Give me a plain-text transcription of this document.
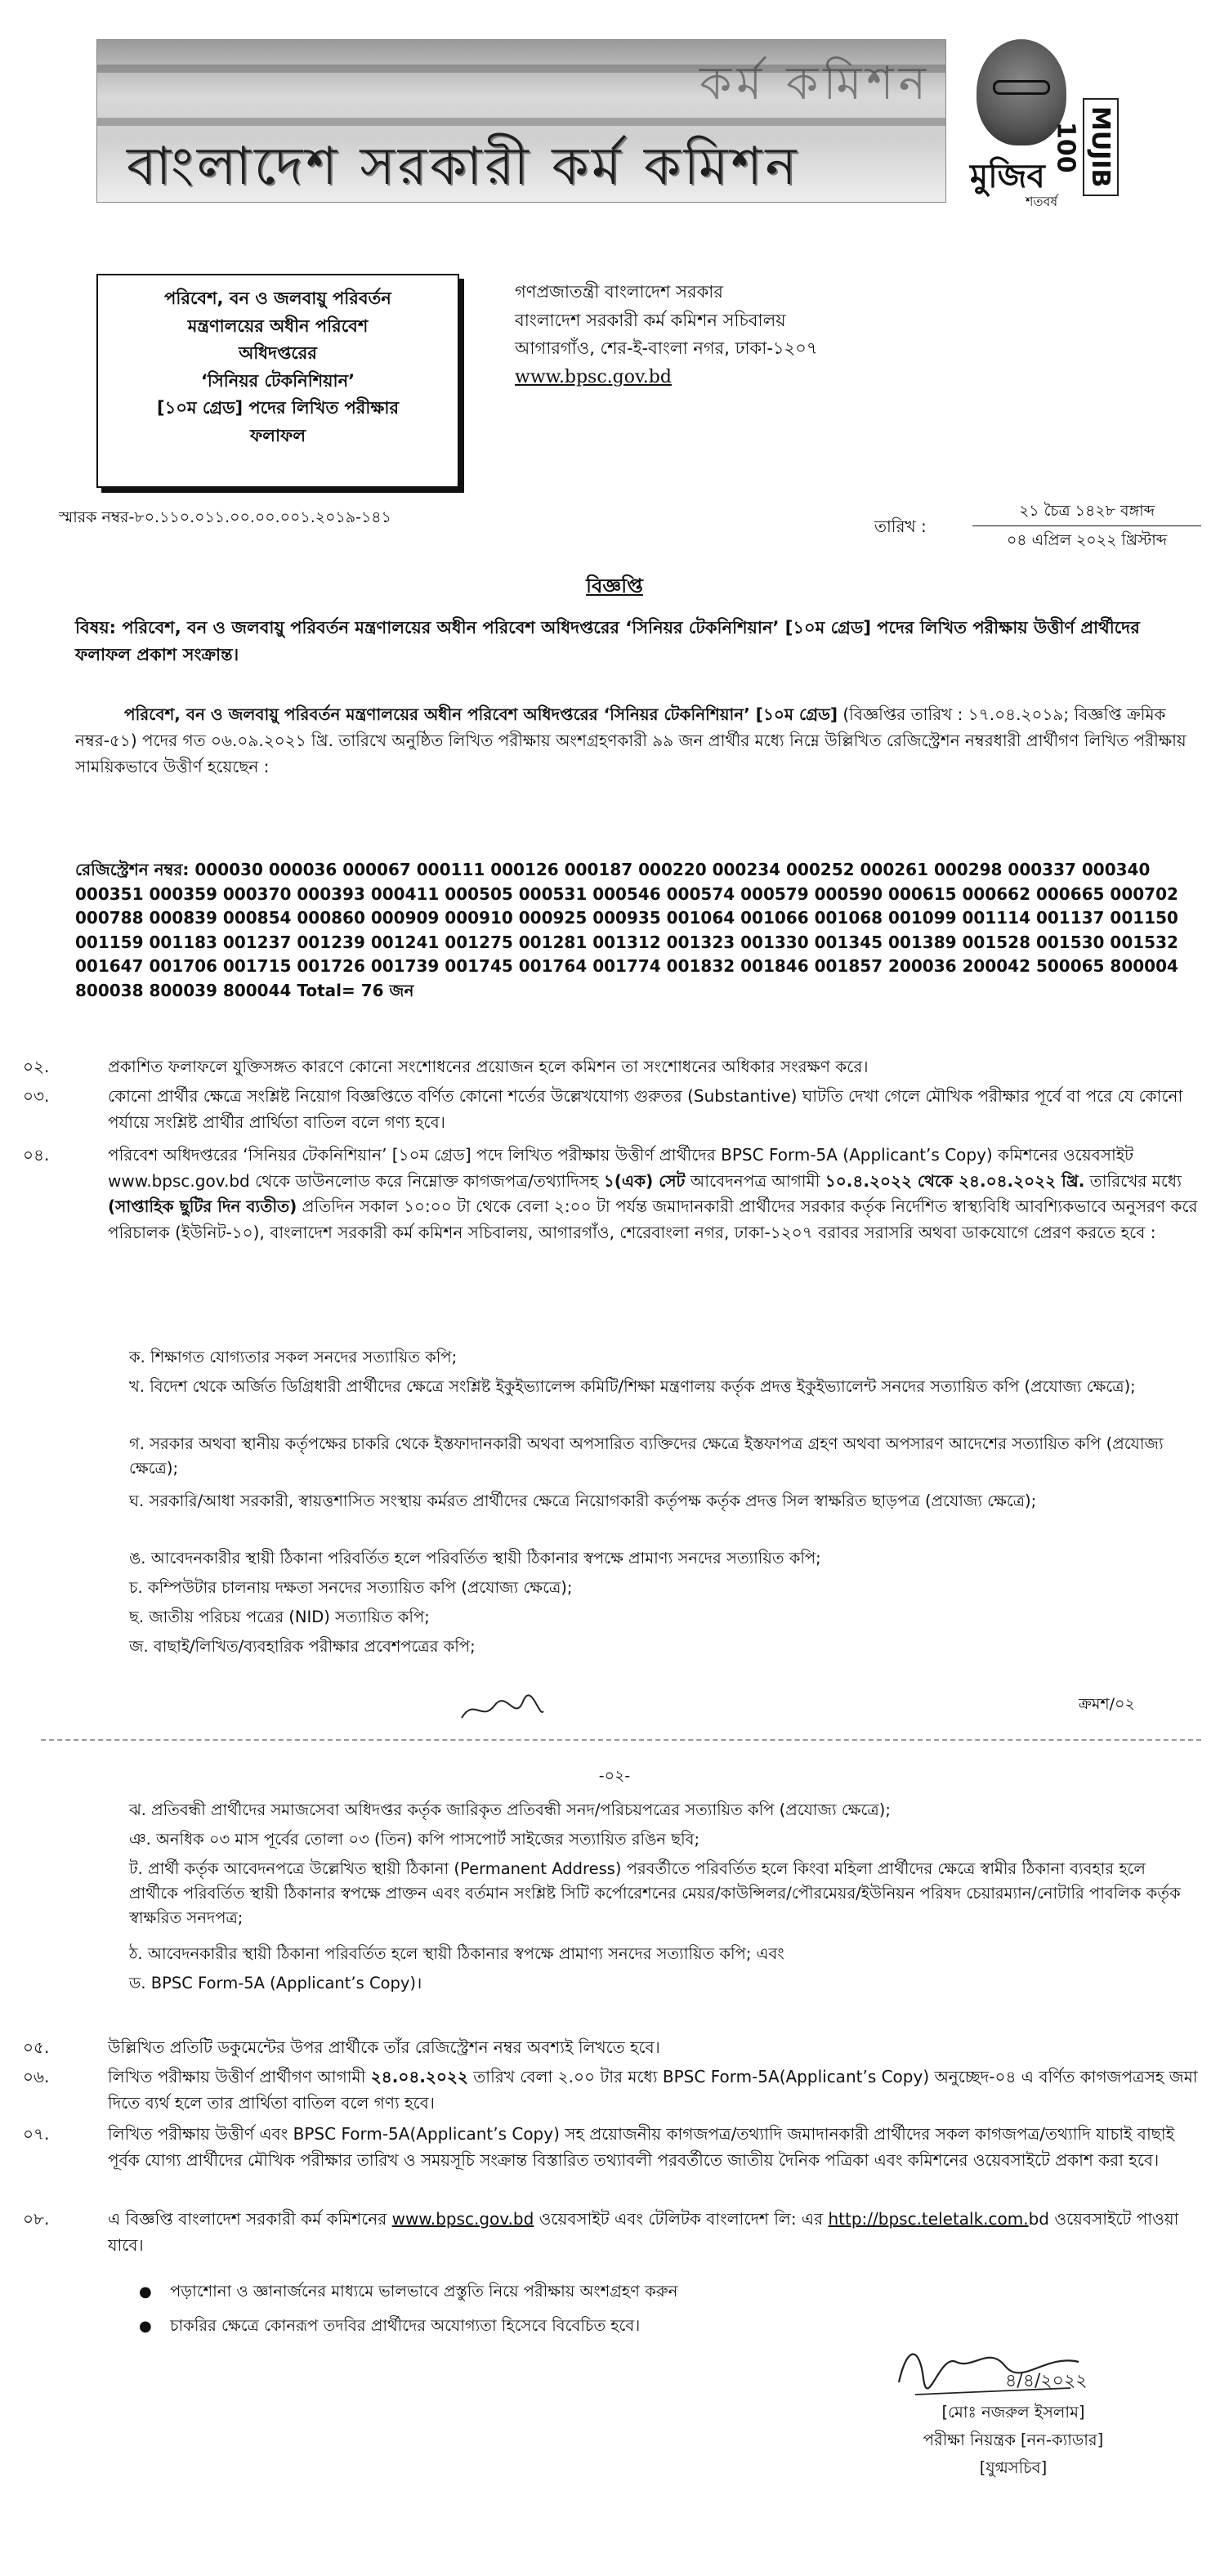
কর্ম কমিশন
বাংলাদেশ সরকারী কর্ম কমিশন	MUJIB 100
মুজিব
শতবর্ষ
পরিবেশ, বন ও জলবায়ু পরিবর্তন
মন্ত্রণালয়ের অধীন পরিবেশ
অধিদপ্তরের
‘সিনিয়র টেকনিশিয়ান’
[১০ম গ্রেড] পদের লিখিত পরীক্ষার
ফলাফল
গণপ্রজাতন্ত্রী বাংলাদেশ সরকার
বাংলাদেশ সরকারী কর্ম কমিশন সচিবালয়
আগারগাঁও, শের-ই-বাংলা নগর, ঢাকা-১২০৭
www.bpsc.gov.bd
স্মারক নম্বর-৮০.১১০.০১১.০০.০০.০০১.২০১৯-১৪১	তারিখ :
২১ চৈত্র ১৪২৮ বঙ্গাব্দ
০৪ এপ্রিল ২০২২ খ্রিস্টাব্দ
বিজ্ঞপ্তি
বিষয়: পরিবেশ, বন ও জলবায়ু পরিবর্তন মন্ত্রণালয়ের অধীন পরিবেশ অধিদপ্তরের ‘সিনিয়র টেকনিশিয়ান’ [১০ম গ্রেড] পদের লিখিত পরীক্ষায় উত্তীর্ণ প্রার্থীদের ফলাফল প্রকাশ সংক্রান্ত।
পরিবেশ, বন ও জলবায়ু পরিবর্তন মন্ত্রণালয়ের অধীন পরিবেশ অধিদপ্তরের ‘সিনিয়র টেকনিশিয়ান’ [১০ম গ্রেড] (বিজ্ঞপ্তির তারিখ : ১৭.০৪.২০১৯; বিজ্ঞপ্তি ক্রমিক নম্বর-৫১) পদের গত ০৬.০৯.২০২১ খ্রি. তারিখে অনুষ্ঠিত লিখিত পরীক্ষায় অংশগ্রহণকারী ৯৯ জন প্রার্থীর মধ্যে নিম্নে উল্লিখিত রেজিস্ট্রেশন নম্বরধারী প্রার্থীগণ লিখিত পরীক্ষায় সাময়িকভাবে উত্তীর্ণ হয়েছেন :
রেজিস্ট্রেশন নম্বর: 000030 000036 000067 000111 000126 000187 000220 000234 000252 000261 000298 000337 000340 000351 000359 000370 000393 000411 000505 000531 000546 000574 000579 000590 000615 000662 000665 000702 000788 000839 000854 000860 000909 000910 000925 000935 001064 001066 001068 001099 001114 001137 001150 001159 001183 001237 001239 001241 001275 001281 001312 001323 001330 001345 001389 001528 001530 001532 001647 001706 001715 001726 001739 001745 001764 001774 001832 001846 001857 200036 200042 500065 800004 800038 800039 800044 Total= 76 জন
০২.	প্রকাশিত ফলাফলে যুক্তিসঙ্গত কারণে কোনো সংশোধনের প্রয়োজন হলে কমিশন তা সংশোধনের অধিকার সংরক্ষণ করে।
০৩.	কোনো প্রার্থীর ক্ষেত্রে সংশ্লিষ্ট নিয়োগ বিজ্ঞপ্তিতে বর্ণিত কোনো শর্তের উল্লেখযোগ্য গুরুতর (Substantive) ঘাটতি দেখা গেলে মৌখিক পরীক্ষার পূর্বে বা পরে যে কোনো পর্যায়ে সংশ্লিষ্ট প্রার্থীর প্রার্থিতা বাতিল বলে গণ্য হবে।
০৪.	পরিবেশ অধিদপ্তরের ‘সিনিয়র টেকনিশিয়ান’ [১০ম গ্রেড] পদে লিখিত পরীক্ষায় উত্তীর্ণ প্রার্থীদের BPSC Form-5A (Applicant’s Copy) কমিশনের ওয়েবসাইট www.bpsc.gov.bd থেকে ডাউনলোড করে নিম্নোক্ত কাগজপত্র/তথ্যাদিসহ ১(এক) সেট আবেদনপত্র আগামী ১০.৪.২০২২ থেকে ২৪.০৪.২০২২ খ্রি. তারিখের মধ্যে (সাপ্তাহিক ছুটির দিন ব্যতীত) প্রতিদিন সকাল ১০:০০ টা থেকে বেলা ২:০০ টা পর্যন্ত জমাদানকারী প্রার্থীদের সরকার কর্তৃক নির্দেশিত স্বাস্থ্যবিধি আবশ্যিকভাবে অনুসরণ করে পরিচালক (ইউনিট-১০), বাংলাদেশ সরকারী কর্ম কমিশন সচিবালয়, আগারগাঁও, শেরেবাংলা নগর, ঢাকা-১২০৭ বরাবর সরাসরি অথবা ডাকযোগে প্রেরণ করতে হবে :
ক. শিক্ষাগত যোগ্যতার সকল সনদের সত্যায়িত কপি;
খ. বিদেশ থেকে অর্জিত ডিগ্রিধারী প্রার্থীদের ক্ষেত্রে সংশ্লিষ্ট ইকুইভ্যালেন্স কমিটি/শিক্ষা মন্ত্রণালয় কর্তৃক প্রদত্ত ইকুইভ্যালেন্ট সনদের সত্যায়িত কপি (প্রযোজ্য ক্ষেত্রে);
গ. সরকার অথবা স্থানীয় কর্তৃপক্ষের চাকরি থেকে ইস্তফাদানকারী অথবা অপসারিত ব্যক্তিদের ক্ষেত্রে ইস্তফাপত্র গ্রহণ অথবা অপসারণ আদেশের সত্যায়িত কপি (প্রযোজ্য ক্ষেত্রে);
ঘ. সরকারি/আধা সরকারী, স্বায়ত্তশাসিত সংস্থায় কর্মরত প্রার্থীদের ক্ষেত্রে নিয়োগকারী কর্তৃপক্ষ কর্তৃক প্রদত্ত সিল স্বাক্ষরিত ছাড়পত্র (প্রযোজ্য ক্ষেত্রে);
ঙ. আবেদনকারীর স্থায়ী ঠিকানা পরিবর্তিত হলে পরিবর্তিত স্থায়ী ঠিকানার স্বপক্ষে প্রামাণ্য সনদের সত্যায়িত কপি;
চ. কম্পিউটার চালনায় দক্ষতা সনদের সত্যায়িত কপি (প্রযোজ্য ক্ষেত্রে);
ছ. জাতীয় পরিচয় পত্রের (NID) সত্যায়িত কপি;
জ. বাছাই/লিখিত/ব্যবহারিক পরীক্ষার প্রবেশপত্রের কপি;
ক্রমশ/০২
-০২-
ঝ. প্রতিবন্ধী প্রার্থীদের সমাজসেবা অধিদপ্তর কর্তৃক জারিকৃত প্রতিবন্ধী সনদ/পরিচয়পত্রের সত্যায়িত কপি (প্রযোজ্য ক্ষেত্রে);
ঞ. অনধিক ০৩ মাস পূর্বের তোলা ০৩ (তিন) কপি পাসপোর্ট সাইজের সত্যায়িত রঙিন ছবি;
ট. প্রার্থী কর্তৃক আবেদনপত্রে উল্লেখিত স্থায়ী ঠিকানা (Permanent Address) পরবর্তীতে পরিবর্তিত হলে কিংবা মহিলা প্রার্থীদের ক্ষেত্রে স্বামীর ঠিকানা ব্যবহার হলে প্রার্থীকে পরিবর্তিত স্থায়ী ঠিকানার স্বপক্ষে প্রাক্তন এবং বর্তমান সংশ্লিষ্ট সিটি কর্পোরেশনের মেয়র/কাউন্সিলর/পৌরমেয়র/ইউনিয়ন পরিষদ চেয়ারম্যান/নোটারি পাবলিক কর্তৃক স্বাক্ষরিত সনদপত্র;
ঠ. আবেদনকারীর স্থায়ী ঠিকানা পরিবর্তিত হলে স্থায়ী ঠিকানার স্বপক্ষে প্রামাণ্য সনদের সত্যায়িত কপি; এবং
ড. BPSC Form-5A (Applicant’s Copy)।
০৫.	উল্লিখিত প্রতিটি ডকুমেন্টের উপর প্রার্থীকে তাঁর রেজিস্ট্রেশন নম্বর অবশ্যই লিখতে হবে।
০৬.	লিখিত পরীক্ষায় উত্তীর্ণ প্রার্থীগণ আগামী ২৪.০৪.২০২২ তারিখ বেলা ২.০০ টার মধ্যে BPSC Form-5A(Applicant’s Copy) অনুচ্ছেদ-০৪ এ বর্ণিত কাগজপত্রসহ জমা দিতে ব্যর্থ হলে তার প্রার্থিতা বাতিল বলে গণ্য হবে।
০৭.	লিখিত পরীক্ষায় উত্তীর্ণ এবং BPSC Form-5A(Applicant’s Copy) সহ প্রয়োজনীয় কাগজপত্র/তথ্যাদি জমাদানকারী প্রার্থীদের সকল কাগজপত্র/তথ্যাদি যাচাই বাছাই পূর্বক যোগ্য প্রার্থীদের মৌখিক পরীক্ষার তারিখ ও সময়সূচি সংক্রান্ত বিস্তারিত তথ্যাবলী পরবর্তীতে জাতীয় দৈনিক পত্রিকা এবং কমিশনের ওয়েবসাইটে প্রকাশ করা হবে।
০৮.	এ বিজ্ঞপ্তি বাংলাদেশ সরকারী কর্ম কমিশনের www.bpsc.gov.bd ওয়েবসাইট এবং টেলিটক বাংলাদেশ লি: এর http://bpsc.teletalk.com.bd ওয়েবসাইটে পাওয়া যাবে।
● পড়াশোনা ও জ্ঞানার্জনের মাধ্যমে ভালভাবে প্রস্তুতি নিয়ে পরীক্ষায় অংশগ্রহণ করুন
● চাকরির ক্ষেত্রে কোনরূপ তদবির প্রার্থীদের অযোগ্যতা হিসেবে বিবেচিত হবে।
৪/৪/২০২২
[মোঃ নজরুল ইসলাম]
পরীক্ষা নিয়ন্ত্রক [নন-ক্যাডার]
[যুগ্মসচিব]
